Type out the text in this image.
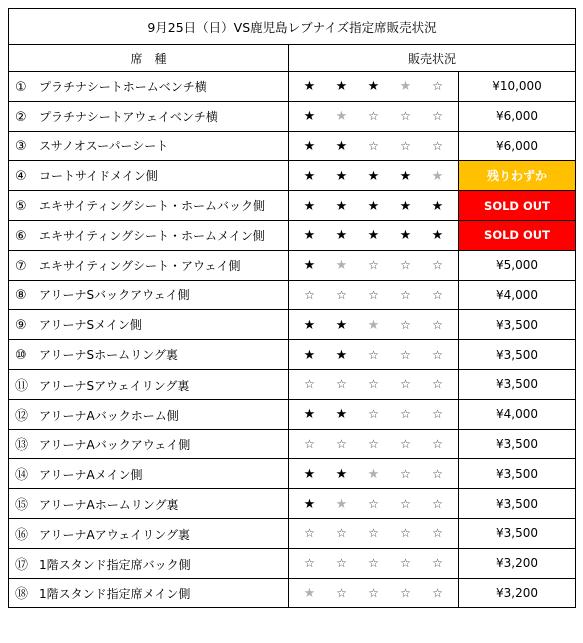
9月25日（日）VS鹿児島レブナイズ指定席販売状況		
席　種	販売状況	
① プラチナシートホームベンチ横	★ ★ ★ ★ ☆	¥10,000
② プラチナシートアウェイベンチ横	★ ★ ☆ ☆ ☆	¥6,000
③ スサノオスーパーシート	★ ★ ☆ ☆ ☆	¥6,000
④ コートサイドメイン側	★ ★ ★ ★ ★	残りわずか
⑤ エキサイティングシート・ホームバック側	★ ★ ★ ★ ★	SOLD OUT
⑥ エキサイティングシート・ホームメイン側	★ ★ ★ ★ ★	SOLD OUT
⑦ エキサイティングシート・アウェイ側	★ ★ ☆ ☆ ☆	¥5,000
⑧ アリーナSバックアウェイ側	☆ ☆ ☆ ☆ ☆	¥4,000
⑨ アリーナSメイン側	★ ★ ★ ☆ ☆	¥3,500
⑩ アリーナSホームリング裏	★ ★ ☆ ☆ ☆	¥3,500
⑪ アリーナSアウェイリング裏	☆ ☆ ☆ ☆ ☆	¥3,500
⑫ アリーナAバックホーム側	★ ★ ☆ ☆ ☆	¥4,000
⑬ アリーナAバックアウェイ側	☆ ☆ ☆ ☆ ☆	¥3,500
⑭ アリーナAメイン側	★ ★ ★ ☆ ☆	¥3,500
⑮ アリーナAホームリング裏	★ ★ ☆ ☆ ☆	¥3,500
⑯ アリーナAアウェイリング裏	☆ ☆ ☆ ☆ ☆	¥3,500
⑰ 1階スタンド指定席バック側	☆ ☆ ☆ ☆ ☆	¥3,200
⑱ 1階スタンド指定席メイン側	★ ☆ ☆ ☆ ☆	¥3,200
